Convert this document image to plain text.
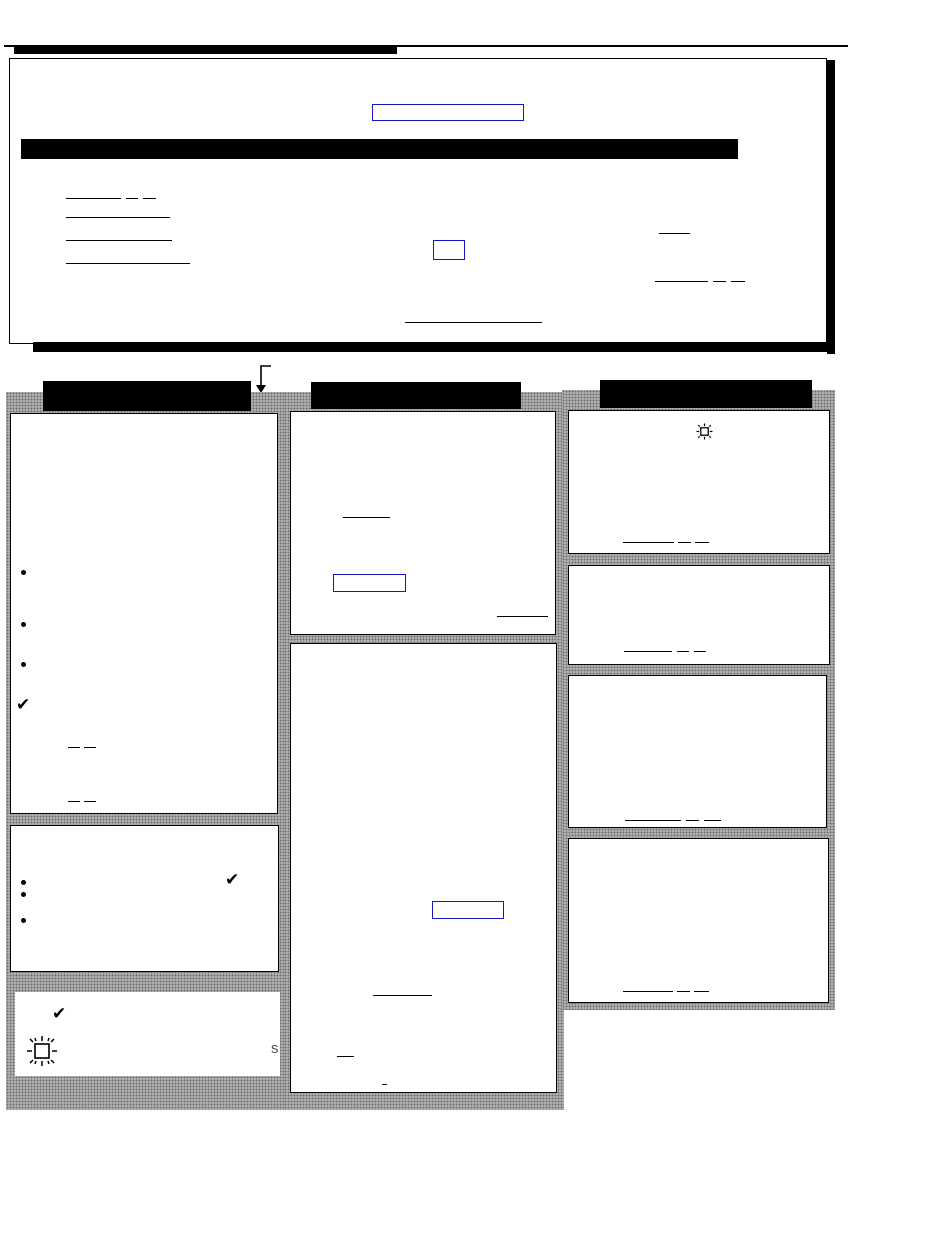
✔
✔
✔
s
